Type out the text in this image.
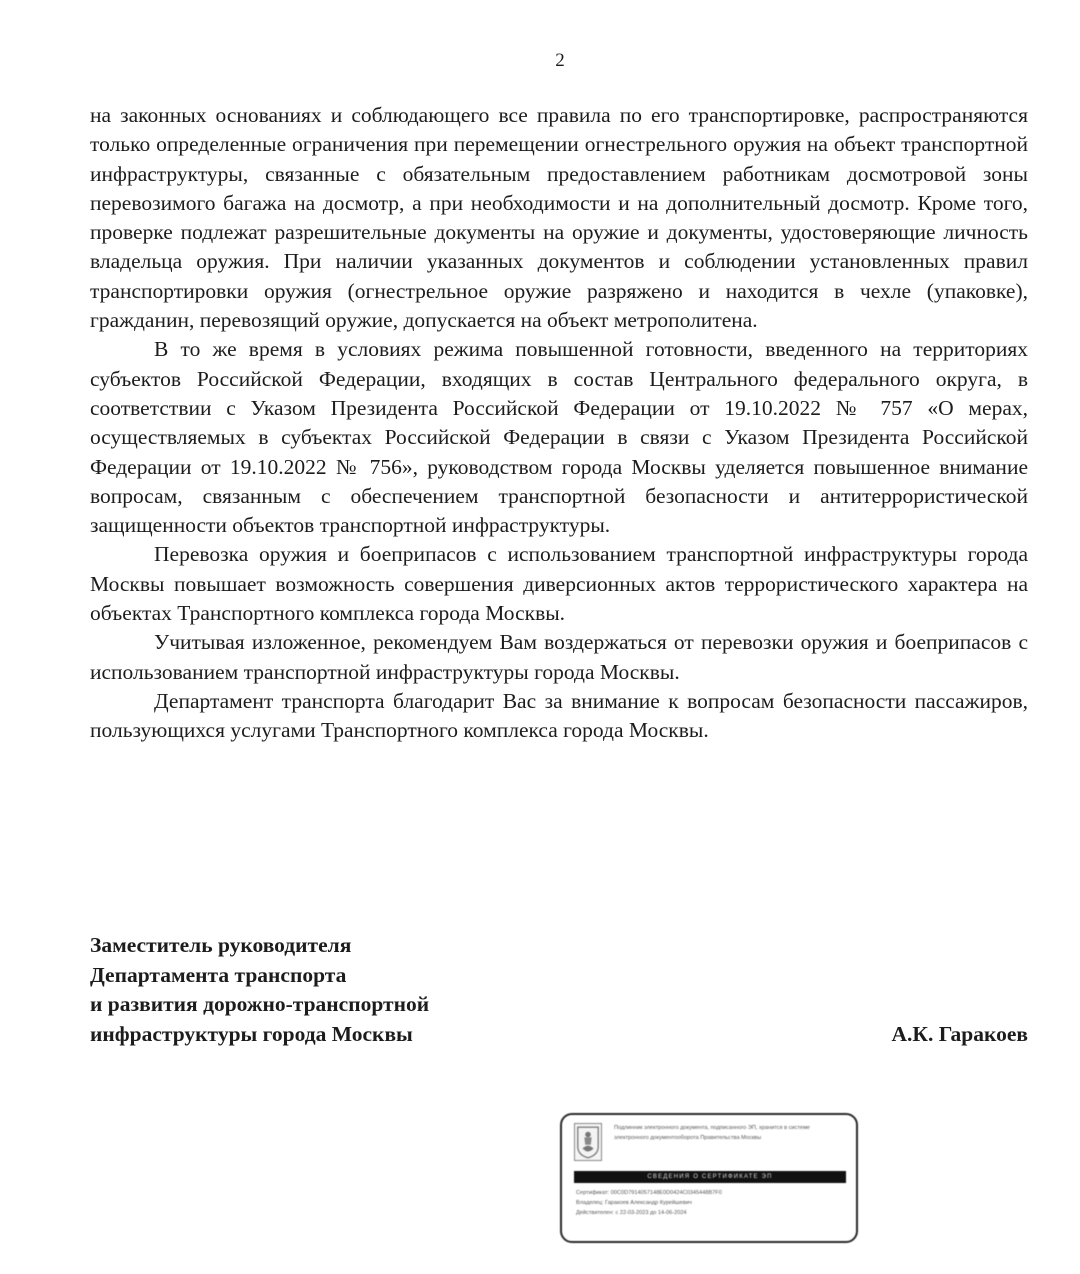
2

на законных основаниях и соблюдающего все правила по его транспортировке, распространяются только определенные ограничения при перемещении огнестрельного оружия на объект транспортной инфраструктуры, связанные с обязательным предоставлением работникам досмотровой зоны перевозимого багажа на досмотр, а при необходимости и на дополнительный досмотр. Кроме того, проверке подлежат разрешительные документы на оружие и документы, удостоверяющие личность владельца оружия. При наличии указанных документов и соблюдении установленных правил транспортировки оружия (огнестрельное оружие разряжено и находится в чехле (упаковке), гражданин, перевозящий оружие, допускается на объект метрополитена.

В то же время в условиях режима повышенной готовности, введенного на территориях субъектов Российской Федерации, входящих в состав Центрального федерального округа, в соответствии с Указом Президента Российской Федерации от 19.10.2022 № 757 «О мерах, осуществляемых в субъектах Российской Федерации в связи с Указом Президента Российской Федерации от 19.10.2022 № 756», руководством города Москвы уделяется повышенное внимание вопросам, связанным с обеспечением транспортной безопасности и антитеррористической защищенности объектов транспортной инфраструктуры.

Перевозка оружия и боеприпасов с использованием транспортной инфраструктуры города Москвы повышает возможность совершения диверсионных актов террористического характера на объектах Транспортного комплекса города Москвы.

Учитывая изложенное, рекомендуем Вам воздержаться от перевозки оружия и боеприпасов с использованием транспортной инфраструктуры города Москвы.

Департамент транспорта благодарит Вас за внимание к вопросам безопасности пассажиров, пользующихся услугами Транспортного комплекса города Москвы.

Заместитель руководителя
Департамента транспорта
и развития дорожно-транспортной
инфраструктуры города Москвы	А.К. Гаракоев
Подлинник электронного документа, подписанного ЭП, хранится в системе электронного документооборота Правительства Москвы
СВЕДЕНИЯ О СЕРТИФИКАТЕ ЭП
Сертификат: 00C0D7914057148E0D0424C0345448B7F0
Владелец: Гаракоев Александр Курейшевич
Действителен: с 22-03-2023 до 14-06-2024
